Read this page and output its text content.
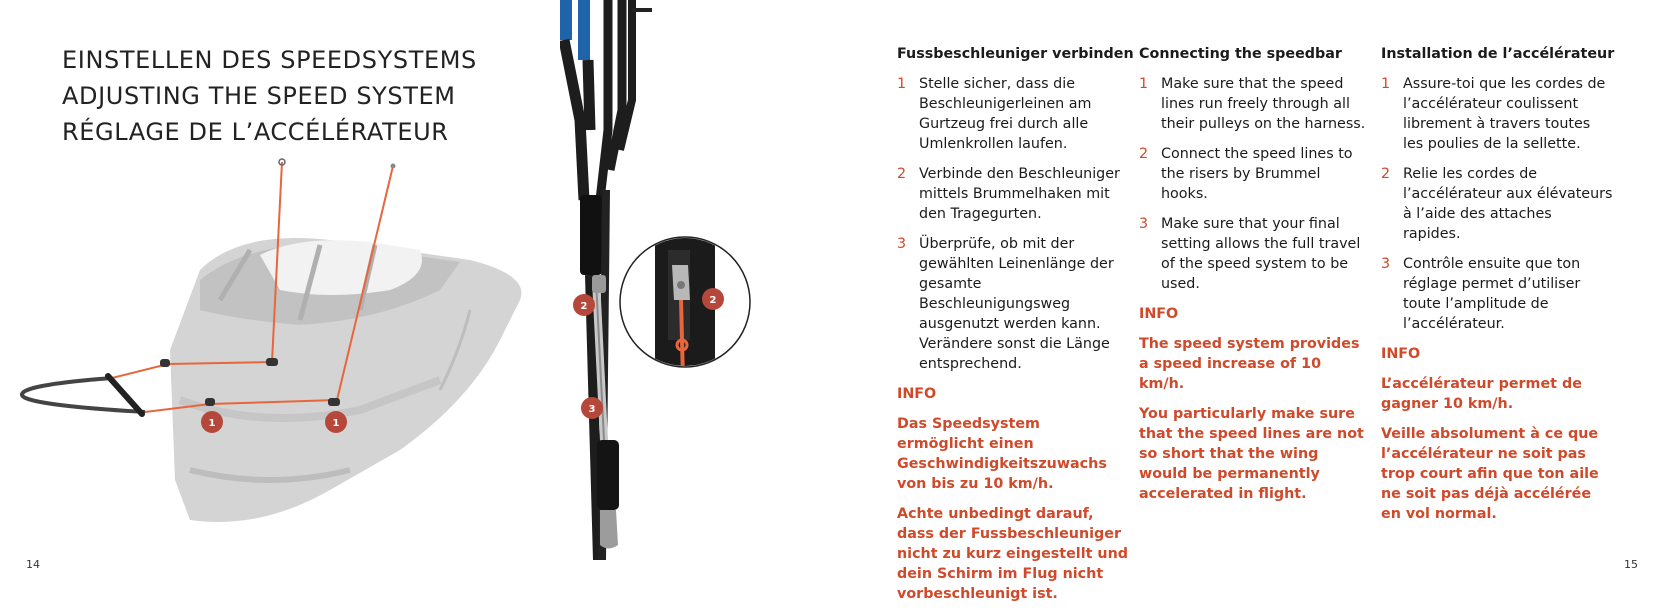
EINSTELLEN DES SPEEDSYSTEMS
ADJUSTING THE SPEED SYSTEM
RÉGLAGE DE L’ACCÉLÉRATEUR
1	1
2
3
2
Fussbeschleuniger verbinden
1 Stelle sicher, dass die Beschleunigerleinen am Gurtzeug frei durch alle Umlenkrollen laufen.
2 Verbinde den Beschleuniger mittels Brummelhaken mit den Tragegurten.
3 Überprüfe, ob mit der gewählten Leinenlänge der gesamte Beschleunigungsweg ausgenutzt werden kann. Verändere sonst die Länge entsprechend.
INFO

Das Speedsystem ermöglicht einen Geschwindigkeitszuwachs von bis zu 10 km/h.

Achte unbedingt darauf, dass der Fussbeschleuniger nicht zu kurz eingestellt und dein Schirm im Flug nicht vorbeschleunigt ist.

Connecting the speedbar
1 Make sure that the speed lines run freely through all their pulleys on the harness.
2 Connect the speed lines to the risers by Brummel hooks.
3 Make sure that your final setting allows the full travel of the speed system to be used.
INFO

The speed system provides a speed increase of 10 km/h.

You particularly make sure that the speed lines are not so short that the wing would be permanently accelerated in flight.

Installation de l’accélérateur
1 Assure-toi que les cordes de l’accélérateur coulissent librement à travers toutes les poulies de la sellette.
2 Relie les cordes de l’accélérateur aux élévateurs à l’aide des attaches rapides.
3 Contrôle ensuite que ton réglage permet d’utiliser toute l’amplitude de l’accélérateur.
INFO

L’accélérateur permet de gagner 10 km/h.

Veille absolument à ce que l’accélérateur ne soit pas trop court afin que ton aile ne soit pas déjà accélérée en vol normal.

14	15
